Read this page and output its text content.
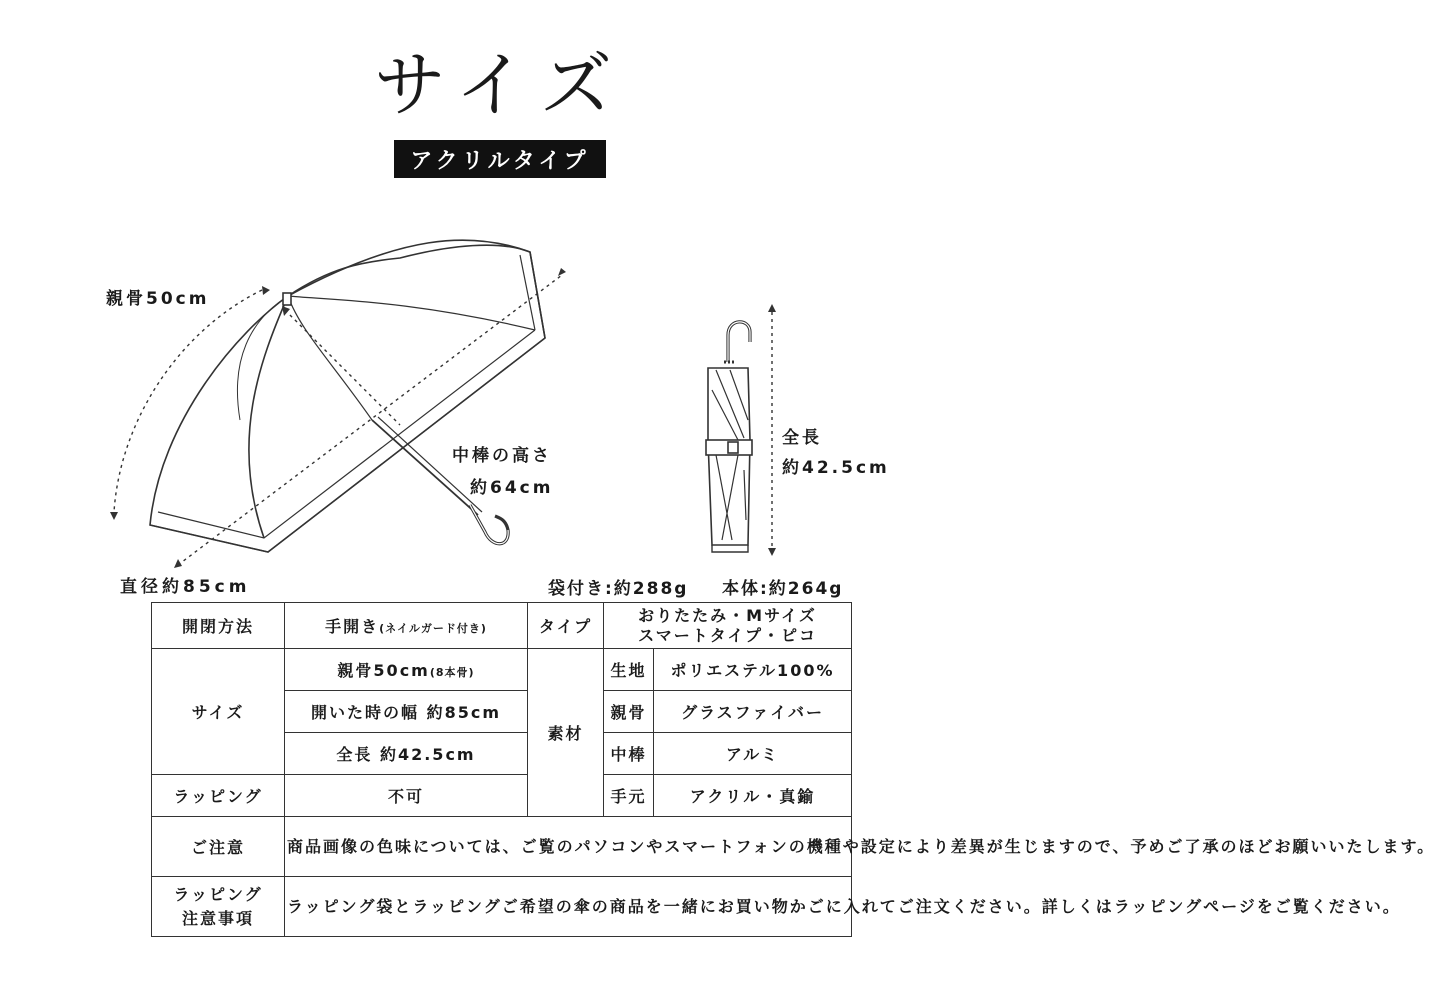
サイズ
アクリルタイプ
親骨50cm
中棒の高さ
約64cm
直径約85cm
全長
約42.5cm
袋付き:約288g 本体:約264g
開閉方法	手開き(ネイルガード付き)	タイプ	おりたたみ・Mサイズ
スマートタイプ・ピコ	

サイズ	親骨50cm(8本骨)	素材	生地	ポリエステル100%
	開いた時の幅 約85cm		親骨	グラスファイバー
	全長 約42.5cm		中棒	アルミ
ラッピング	不可		手元	アクリル・真鍮
ご注意	商品画像の色味については、ご覧のパソコンやスマートフォンの機種や設定により差異が生じますので、予めご了承のほどお願いいたします。			

ラッピング
注意事項	ラッピング袋とラッピングご希望の傘の商品を一緒にお買い物かごに入れてご注文ください。詳しくはラッピングページをご覧ください。			
